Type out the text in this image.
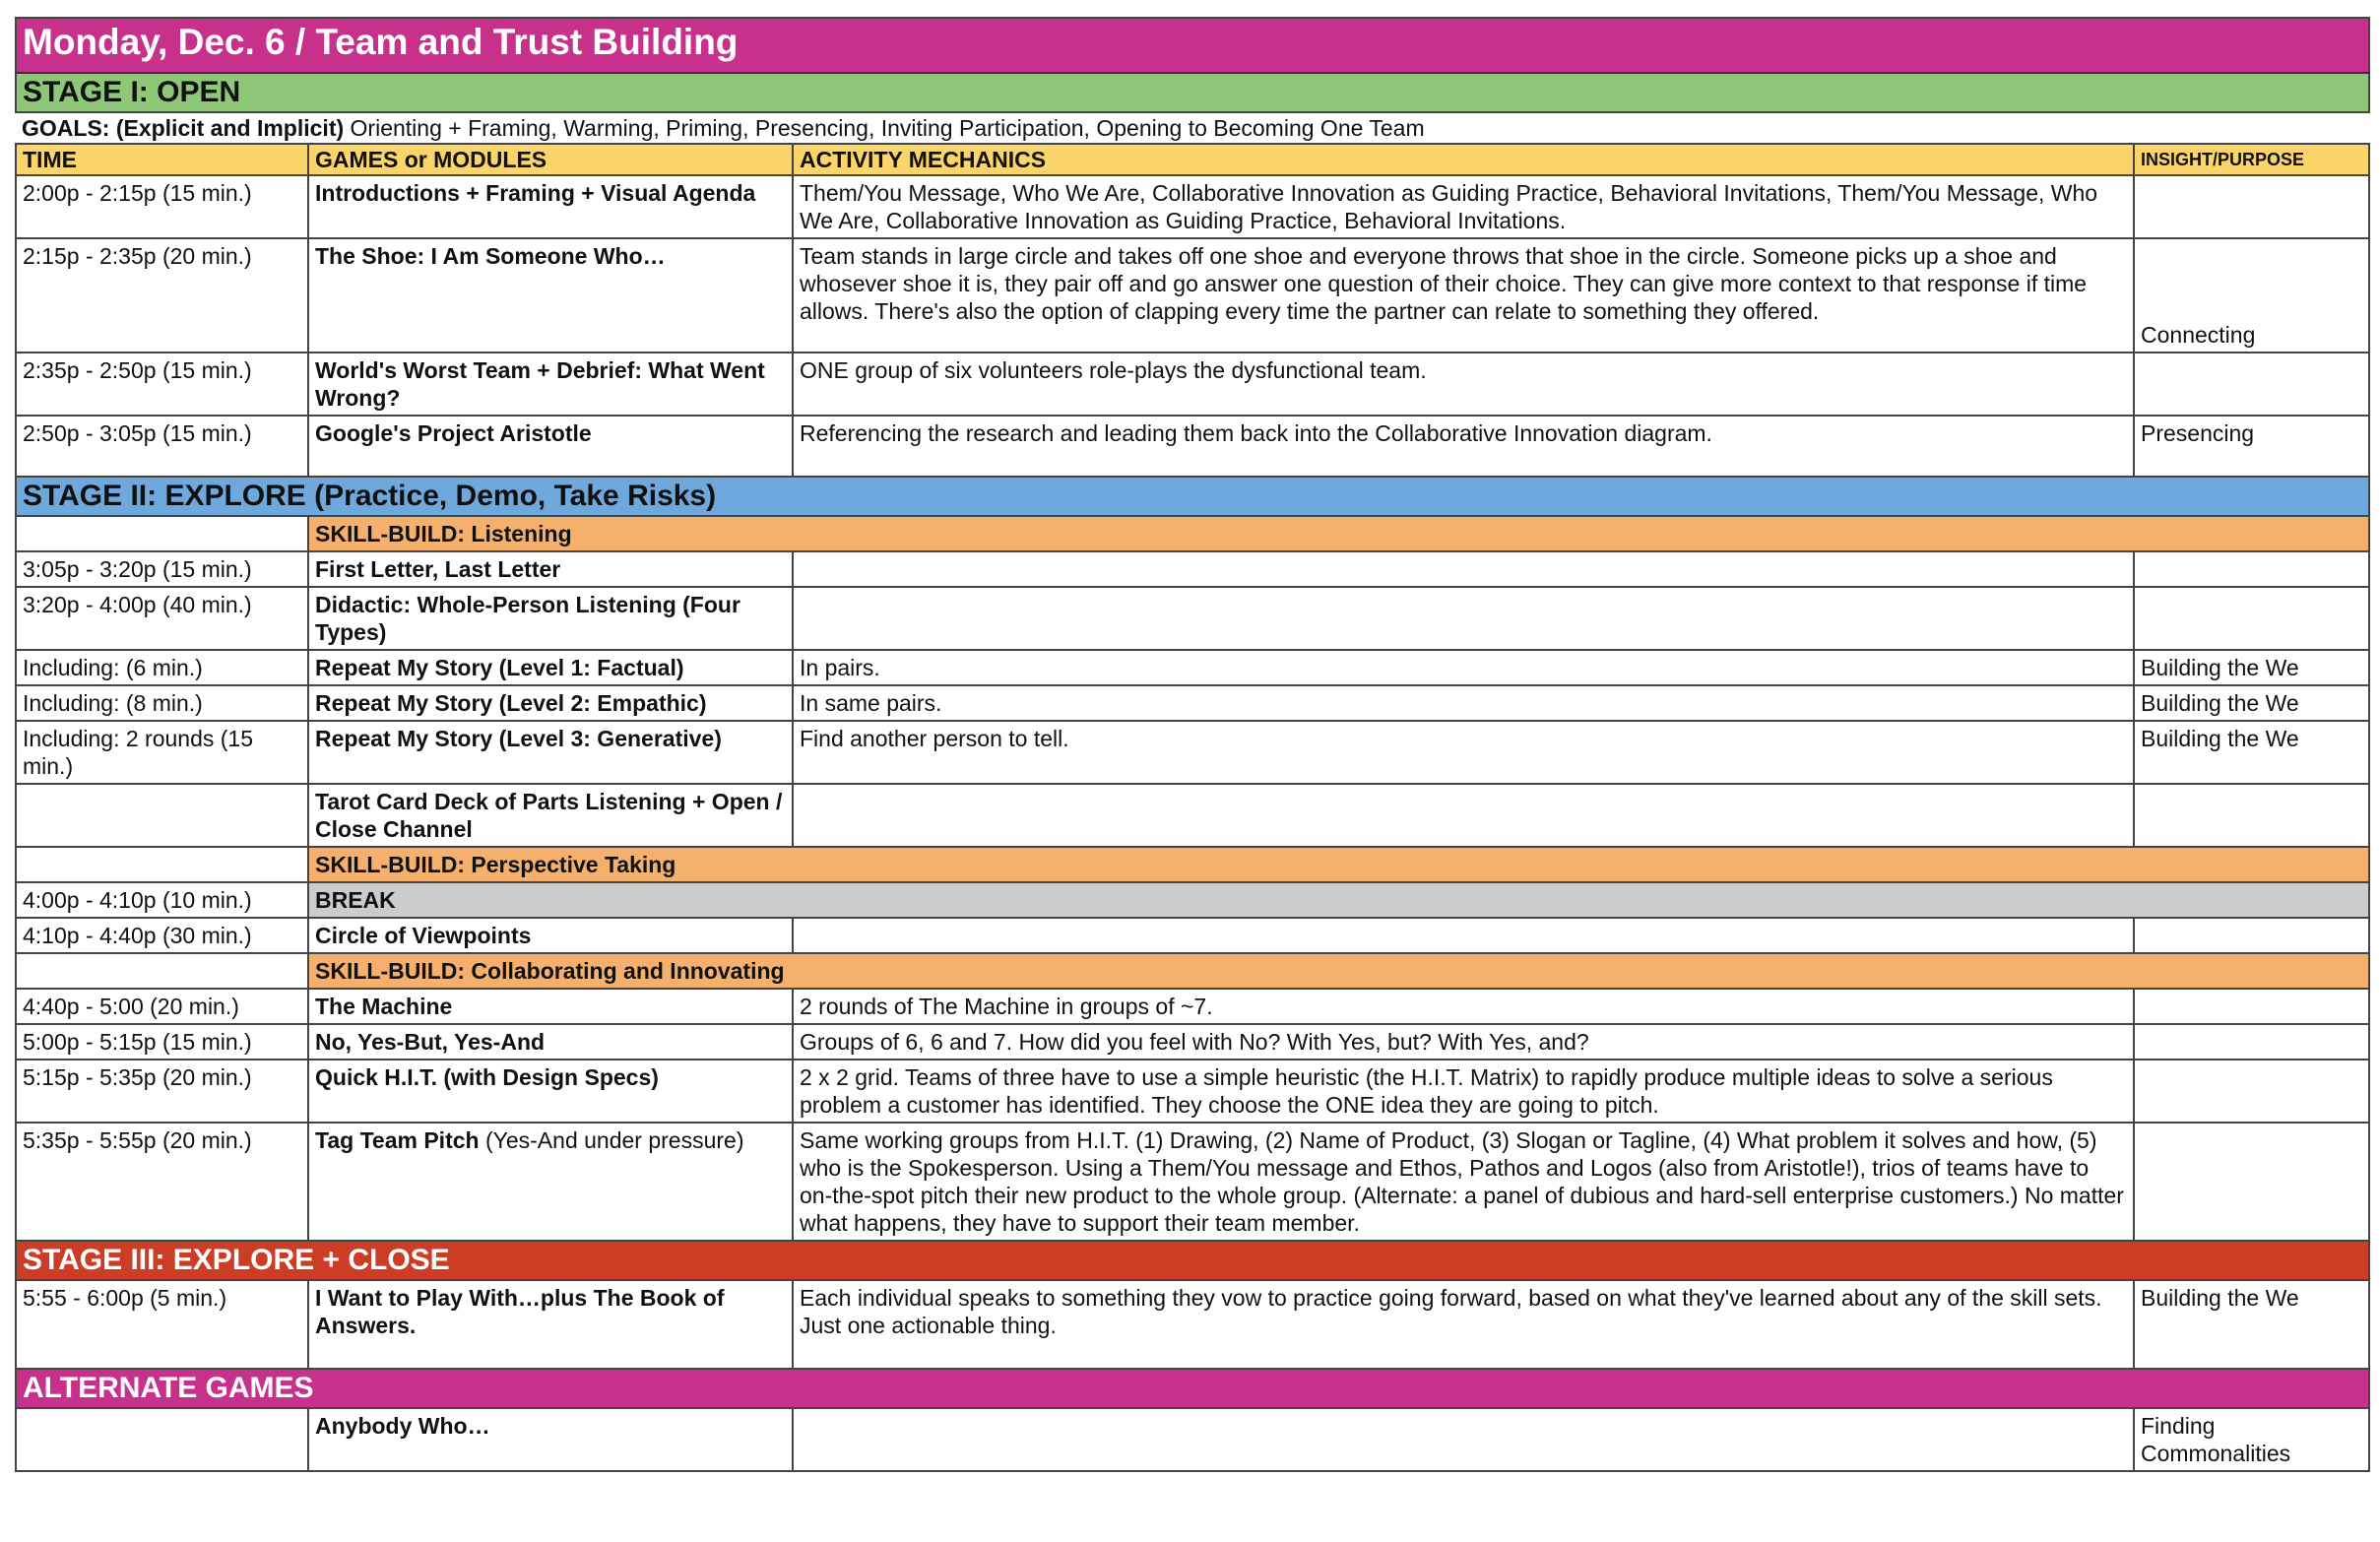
Monday, Dec. 6 / Team and Trust Building			
STAGE I: OPEN			
GOALS: (Explicit and Implicit) Orienting + Framing, Warming, Priming, Presencing, Inviting Participation, Opening to Becoming One Team			
TIME	GAMES or MODULES	ACTIVITY MECHANICS	INSIGHT/PURPOSE
2:00p - 2:15p (15 min.)	Introductions + Framing + Visual Agenda	Them/You Message, Who We Are, Collaborative Innovation as Guiding Practice, Behavioral Invitations, Them/You Message, Who We Are, Collaborative Innovation as Guiding Practice, Behavioral Invitations.	
2:15p - 2:35p (20 min.)	The Shoe: I Am Someone Who…	Team stands in large circle and takes off one shoe and everyone throws that shoe in the circle. Someone picks up a shoe and whosever shoe it is, they pair off and go answer one question of their choice. They can give more context to that response if time allows. There's also the option of clapping every time the partner can relate to something they offered.	Connecting
2:35p - 2:50p (15 min.)	World's Worst Team + Debrief: What Went Wrong?	ONE group of six volunteers role-plays the dysfunctional team.	
2:50p - 3:05p (15 min.)	Google's Project Aristotle	Referencing the research and leading them back into the Collaborative Innovation diagram.	Presencing
STAGE II: EXPLORE (Practice, Demo, Take Risks)			
	SKILL-BUILD: Listening		
3:05p - 3:20p (15 min.)	First Letter, Last Letter		
3:20p - 4:00p (40 min.)	Didactic: Whole-Person Listening (Four Types)		
Including: (6 min.)	Repeat My Story (Level 1: Factual)	In pairs.	Building the We
Including: (8 min.)	Repeat My Story (Level 2: Empathic)	In same pairs.	Building the We
Including: 2 rounds (15 min.)	Repeat My Story (Level 3: Generative)	Find another person to tell.	Building the We
	Tarot Card Deck of Parts Listening + Open / Close Channel		
	SKILL-BUILD: Perspective Taking		
4:00p - 4:10p (10 min.)	BREAK		
4:10p - 4:40p (30 min.)	Circle of Viewpoints		
	SKILL-BUILD: Collaborating and Innovating		
4:40p - 5:00 (20 min.)	The Machine	2 rounds of The Machine in groups of ~7.	
5:00p - 5:15p (15 min.)	No, Yes-But, Yes-And	Groups of 6, 6 and 7. How did you feel with No? With Yes, but? With Yes, and?	
5:15p - 5:35p (20 min.)	Quick H.I.T. (with Design Specs)	2 x 2 grid. Teams of three have to use a simple heuristic (the H.I.T. Matrix) to rapidly produce multiple ideas to solve a serious problem a customer has identified. They choose the ONE idea they are going to pitch.	
5:35p - 5:55p (20 min.)	Tag Team Pitch (Yes-And under pressure)	Same working groups from H.I.T. (1) Drawing, (2) Name of Product, (3) Slogan or Tagline, (4) What problem it solves and how, (5) who is the Spokesperson. Using a Them/You message and Ethos, Pathos and Logos (also from Aristotle!), trios of teams have to on-the-spot pitch their new product to the whole group. (Alternate: a panel of dubious and hard-sell enterprise customers.) No matter what happens, they have to support their team member.	
STAGE III: EXPLORE + CLOSE			
5:55 - 6:00p (5 min.)	I Want to Play With…plus The Book of Answers.	Each individual speaks to something they vow to practice going forward, based on what they've learned about any of the skill sets. Just one actionable thing.	Building the We
ALTERNATE GAMES			
	Anybody Who…		Finding Commonalities
